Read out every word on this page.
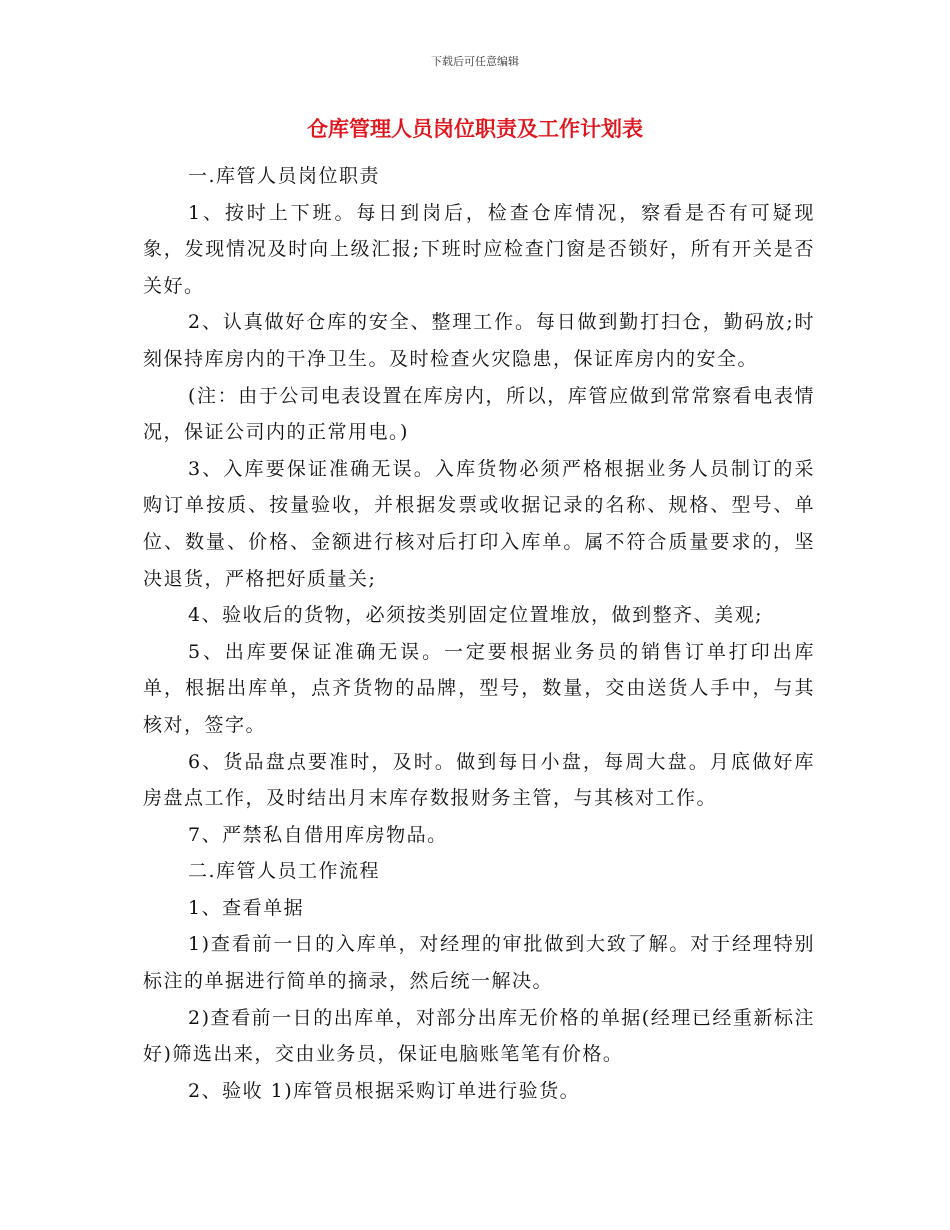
下载后可任意编辑
仓库管理人员岗位职责及工作计划表

一.库管人员岗位职责

1、按时上下班。每日到岗后，检查仓库情况，察看是否有可疑现象，发现情况及时向上级汇报;下班时应检查门窗是否锁好，所有开关是否关好。

2、认真做好仓库的安全、整理工作。每日做到勤打扫仓，勤码放;时刻保持库房内的干净卫生。及时检查火灾隐患，保证库房内的安全。

(注：由于公司电表设置在库房内，所以，库管应做到常常察看电表情况，保证公司内的正常用电。)

3、入库要保证准确无误。入库货物必须严格根据业务人员制订的采购订单按质、按量验收，并根据发票或收据记录的名称、规格、型号、单位、数量、价格、金额进行核对后打印入库单。属不符合质量要求的，坚决退货，严格把好质量关;

4、验收后的货物，必须按类别固定位置堆放，做到整齐、美观;

5、出库要保证准确无误。一定要根据业务员的销售订单打印出库单，根据出库单，点齐货物的品牌，型号，数量，交由送货人手中，与其核对，签字。

6、货品盘点要准时，及时。做到每日小盘，每周大盘。月底做好库房盘点工作，及时结出月末库存数报财务主管，与其核对工作。

7、严禁私自借用库房物品。

二.库管人员工作流程

1、查看单据

1)查看前一日的入库单，对经理的审批做到大致了解。对于经理特别标注的单据进行简单的摘录，然后统一解决。

2)查看前一日的出库单，对部分出库无价格的单据(经理已经重新标注好)筛选出来，交由业务员，保证电脑账笔笔有价格。

2、验收 1)库管员根据采购订单进行验货。
